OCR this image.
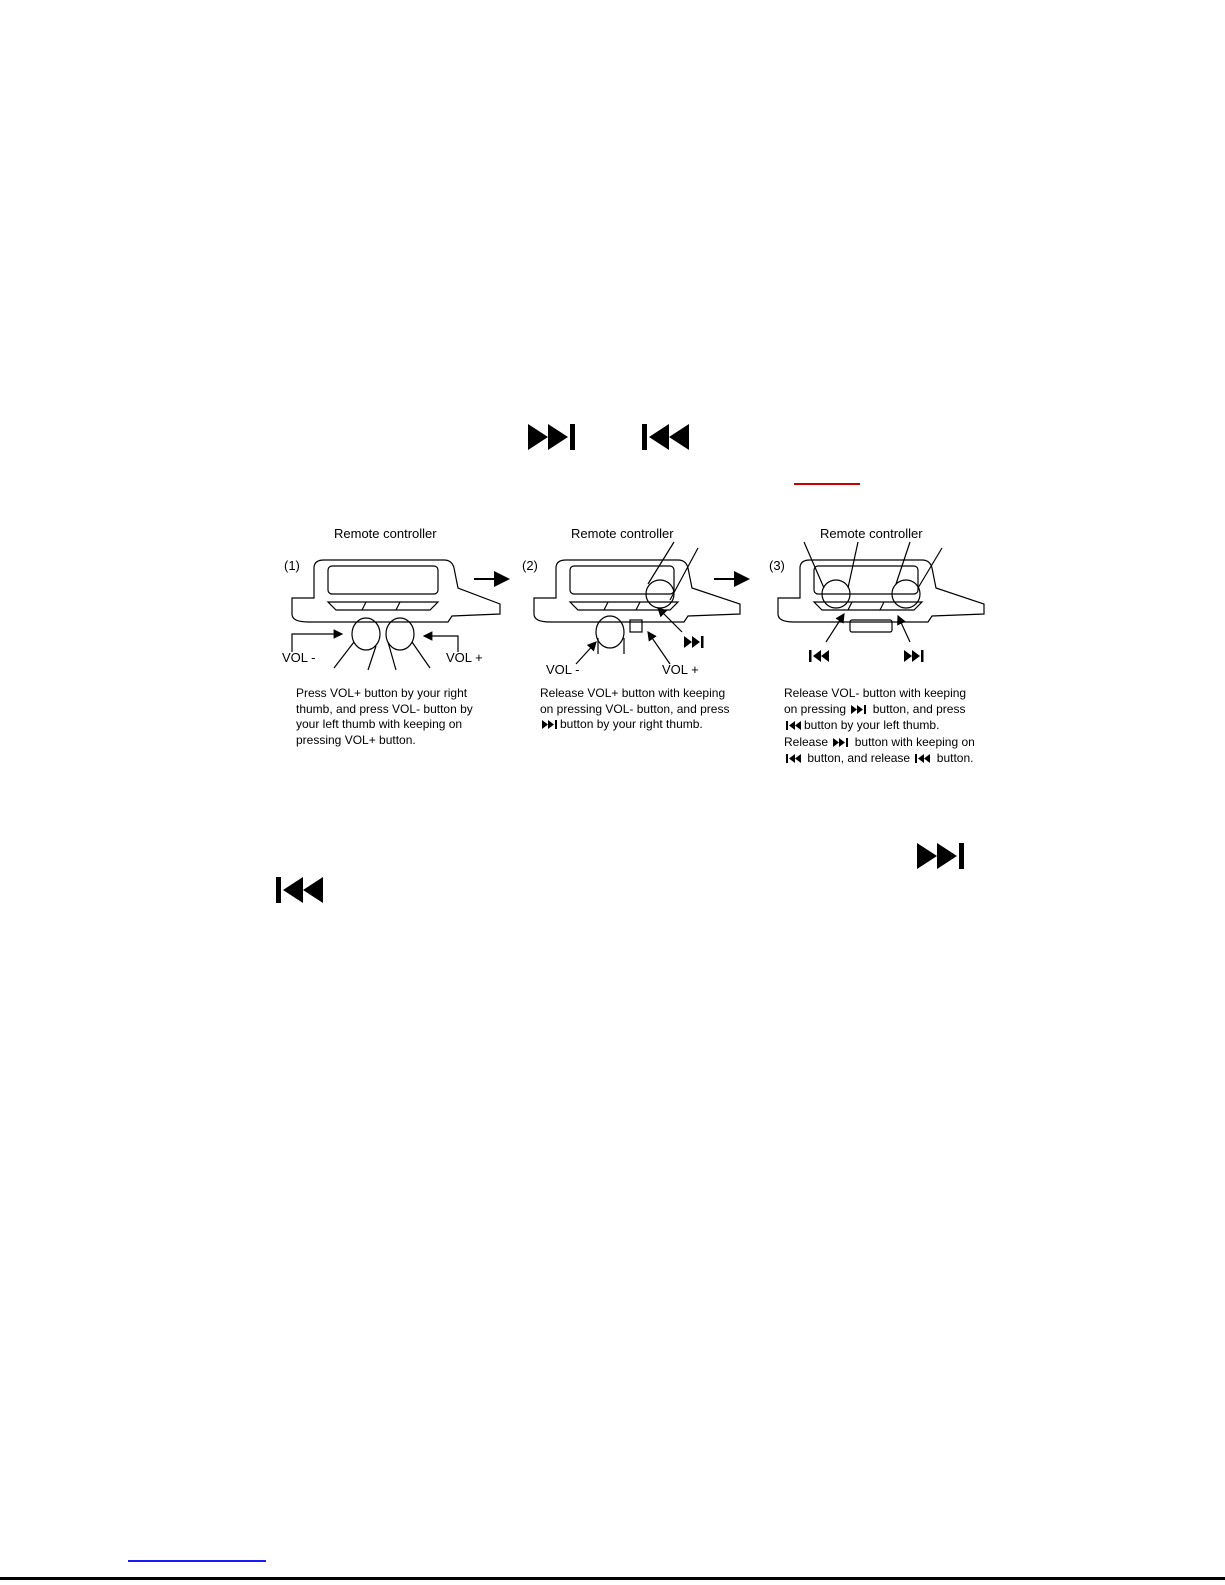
Remote controller	Remote controller	Remote controller
(1)	(2)	(3)
VOL -	VOL +
VOL -	VOL +
Press VOL+ button by your right
thumb, and press VOL- button by
your left thumb with keeping on
pressing VOL+ button.
Release VOL+ button with keeping
on pressing VOL- button, and press
button by your right thumb.
Release VOL- button with keeping
on pressing button, and press
button by your left thumb.
Release button with keeping on
button, and release button.
